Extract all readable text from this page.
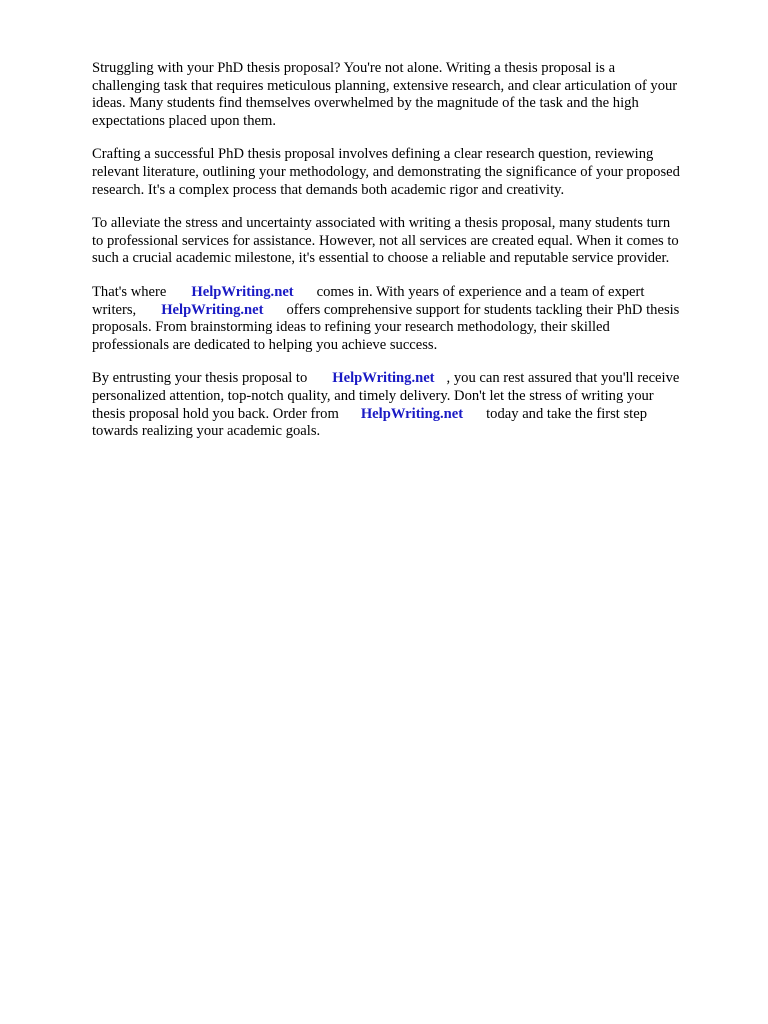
Struggling with your PhD thesis proposal? You're not alone. Writing a thesis proposal is a
challenging task that requires meticulous planning, extensive research, and clear articulation of your
ideas. Many students find themselves overwhelmed by the magnitude of the task and the high
expectations placed upon them.
Crafting a successful PhD thesis proposal involves defining a clear research question, reviewing
relevant literature, outlining your methodology, and demonstrating the significance of your proposed
research. It's a complex process that demands both academic rigor and creativity.
To alleviate the stress and uncertainty associated with writing a thesis proposal, many students turn
to professional services for assistance. However, not all services are created equal. When it comes to
such a crucial academic milestone, it's essential to choose a reliable and reputable service provider.
That's where HelpWriting.net comes in. With years of experience and a team of expert
writers, HelpWriting.net offers comprehensive support for students tackling their PhD thesis
proposals. From brainstorming ideas to refining your research methodology, their skilled
professionals are dedicated to helping you achieve success.
By entrusting your thesis proposal to HelpWriting.net , you can rest assured that you'll receive
personalized attention, top-notch quality, and timely delivery. Don't let the stress of writing your
thesis proposal hold you back. Order from HelpWriting.net today and take the first step
towards realizing your academic goals.
